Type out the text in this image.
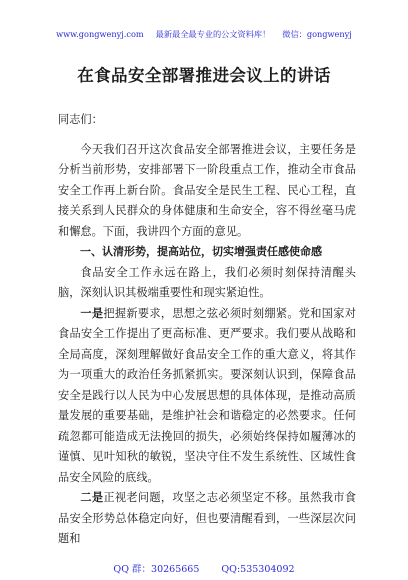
www.gongwenyj.com 最新最全最专业的公文资料库！ 微信：gongwenyj
在食品安全部署推进会议上的讲话

同志们：

今天我们召开这次食品安全部署推进会议，主要任务是分析当前形势，安排部署下一阶段重点工作，推动全市食品安全工作再上新台阶。食品安全是民生工程、民心工程，直接关系到人民群众的身体健康和生命安全，容不得丝毫马虎和懈怠。下面，我讲四个方面的意见。

一、认清形势，提高站位，切实增强责任感使命感

食品安全工作永远在路上，我们必须时刻保持清醒头脑，深刻认识其极端重要性和现实紧迫性。

一是把握新要求，思想之弦必须时刻绷紧。党和国家对食品安全工作提出了更高标准、更严要求。我们要从战略和全局高度，深刻理解做好食品安全工作的重大意义，将其作为一项重大的政治任务抓紧抓实。要深刻认识到，保障食品安全是践行以人民为中心发展思想的具体体现，是推动高质量发展的重要基础，是维护社会和谐稳定的必然要求。任何疏忽都可能造成无法挽回的损失，必须始终保持如履薄冰的谨慎、见叶知秋的敏锐，坚决守住不发生系统性、区域性食品安全风险的底线。

二是正视老问题，攻坚之志必须坚定不移。虽然我市食品安全形势总体稳定向好，但也要清醒看到，一些深层次问题和

QQ 群：30265665 QQ:535304092
